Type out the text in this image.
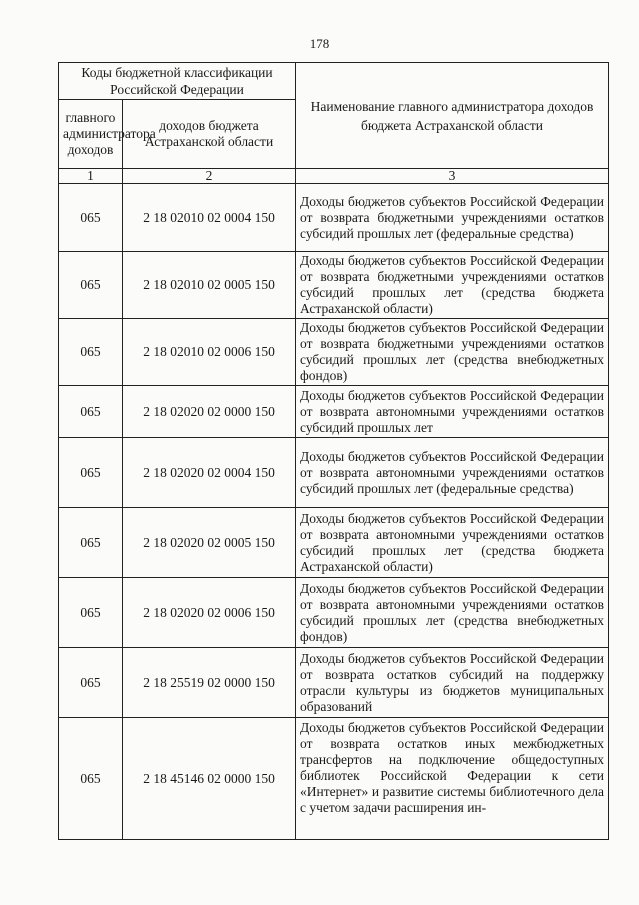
178
Коды бюджетной классификации Российской Федерации		Наименование главного администратора доходов бюджета Астраханской области
главного администратора доходов	доходов бюджета Астраханской области	
1	2	3
065	2 18 02010 02 0004 150	Доходы бюджетов субъектов Российской Федерации от возврата бюджетными учреждениями остатков субсидий прошлых лет (федеральные средства)
065	2 18 02010 02 0005 150	Доходы бюджетов субъектов Российской Федерации от возврата бюджетными учреждениями остатков субсидий прошлых лет (средства бюджета Астраханской области)
065	2 18 02010 02 0006 150	Доходы бюджетов субъектов Российской Федерации от возврата бюджетными учреждениями остатков субсидий прошлых лет (средства внебюджетных фондов)
065	2 18 02020 02 0000 150	Доходы бюджетов субъектов Российской Федерации от возврата автономными учреждениями остатков субсидий прошлых лет
065	2 18 02020 02 0004 150	Доходы бюджетов субъектов Российской Федерации от возврата автономными учреждениями остатков субсидий прошлых лет (федеральные средства)
065	2 18 02020 02 0005 150	Доходы бюджетов субъектов Российской Федерации от возврата автономными учреждениями остатков субсидий прошлых лет (средства бюджета Астраханской области)
065	2 18 02020 02 0006 150	Доходы бюджетов субъектов Российской Федерации от возврата автономными учреждениями остатков субсидий прошлых лет (средства внебюджетных фондов)
065	2 18 25519 02 0000 150	Доходы бюджетов субъектов Российской Федерации от возврата остатков субсидий на поддержку отрасли культуры из бюджетов муниципальных образований
065	2 18 45146 02 0000 150	Доходы бюджетов субъектов Российской Федерации от возврата остатков иных межбюджетных трансфертов на подключение общедоступных библиотек Российской Федерации к сети «Интернет» и развитие системы библиотечного дела с учетом задачи расширения ин-
